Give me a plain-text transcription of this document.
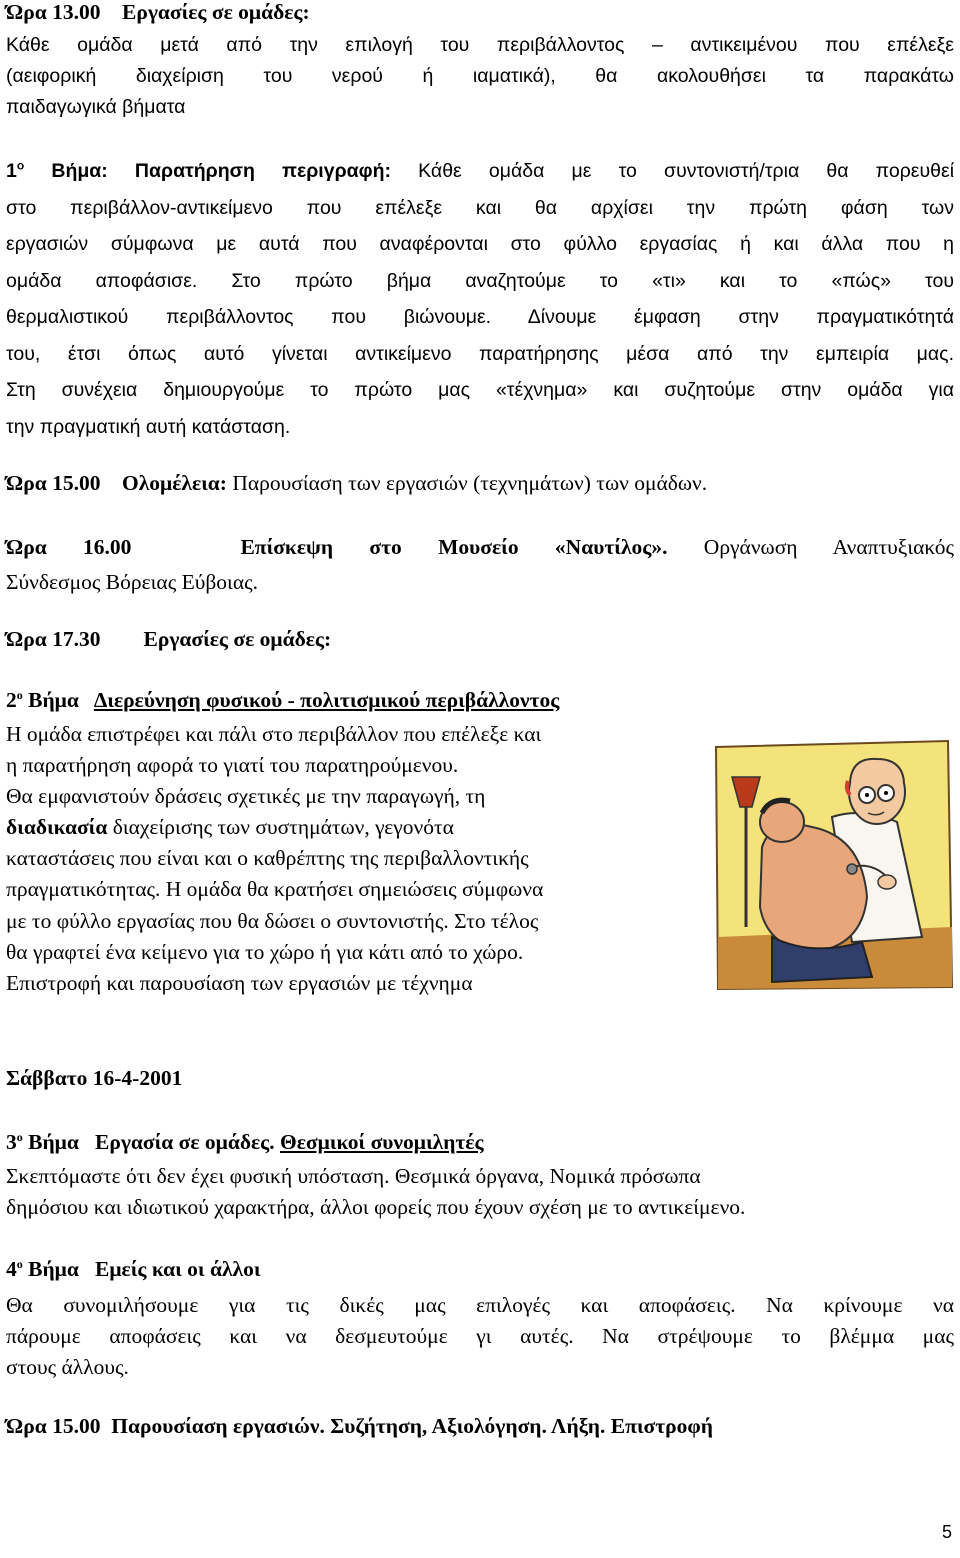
Ώρα 13.00 Εργασίες σε ομάδες:
Κάθε ομάδα μετά από την επιλογή του περιβάλλοντος – αντικειμένου που επέλεξε
(αειφορική διαχείριση του νερού ή ιαματικά), θα ακολουθήσει τα παρακάτω
παιδαγωγικά βήματα
$1^o$ Βήμα: Παρατήρηση περιγραφή: Κάθε ομάδα με το συντονιστή/τρια θα πορευθεί
στο περιβάλλον-αντικείμενο που επέλεξε και θα αρχίσει την πρώτη φάση των
εργασιών σύμφωνα με αυτά που αναφέρονται στο φύλλο εργασίας ή και άλλα που η
ομάδα αποφάσισε. Στο πρώτο βήμα αναζητούμε το «τι» και το «πώς» του
θερμαλιστικού περιβάλλοντος που βιώνουμε. Δίνουμε έμφαση στην πραγματικότητά
του, έτσι όπως αυτό γίνεται αντικείμενο παρατήρησης μέσα από την εμπειρία μας.
Στη συνέχεια δημιουργούμε το πρώτο μας «τέχνημα» και συζητούμε στην ομάδα για
την πραγματική αυτή κατάσταση.
Ώρα 15.00 Ολομέλεια: Παρουσίαση των εργασιών (τεχνημάτων) των ομάδων.
Ώρα 16.00	Επίσκεψη στο Μουσείο «Ναυτίλος». Οργάνωση Αναπτυξιακός
Σύνδεσμος Βόρειας Εύβοιας.
Ώρα 17.30 Εργασίες σε ομάδες:
$2^o$ Βήμα Διερεύνηση φυσικού - πολιτισμικού περιβάλλοντος
Η ομάδα επιστρέφει και πάλι στο περιβάλλον που επέλεξε και
η παρατήρηση αφορά το γιατί του παρατηρούμενου.
Θα εμφανιστούν δράσεις σχετικές με την παραγωγή, τη
διαδικασία διαχείρισης των συστημάτων, γεγονότα
καταστάσεις που είναι και ο καθρέπτης της περιβαλλοντικής
πραγματικότητας. Η ομάδα θα κρατήσει σημειώσεις σύμφωνα
με το φύλλο εργασίας που θα δώσει ο συντονιστής. Στο τέλος
θα γραφτεί ένα κείμενο για το χώρο ή για κάτι από το χώρο.
Επιστροφή και παρουσίαση των εργασιών με τέχνημα
Σάββατο 16-4-2001
$3^o$ Βήμα Εργασία σε ομάδες. Θεσμικοί συνομιλητές
Σκεπτόμαστε ότι δεν έχει φυσική υπόσταση. Θεσμικά όργανα, Νομικά πρόσωπα
δημόσιου και ιδιωτικού χαρακτήρα, άλλοι φορείς που έχουν σχέση με το αντικείμενο.
$4^o$ Βήμα Εμείς και οι άλλοι
Θα συνομιλήσουμε για τις δικές μας επιλογές και αποφάσεις. Να κρίνουμε να
πάρουμε αποφάσεις και να δεσμευτούμε γι αυτές. Να στρέψουμε το βλέμμα μας
στους άλλους.
Ώρα 15.00 Παρουσίαση εργασιών. Συζήτηση, Αξιολόγηση. Λήξη. Επιστροφή
5
